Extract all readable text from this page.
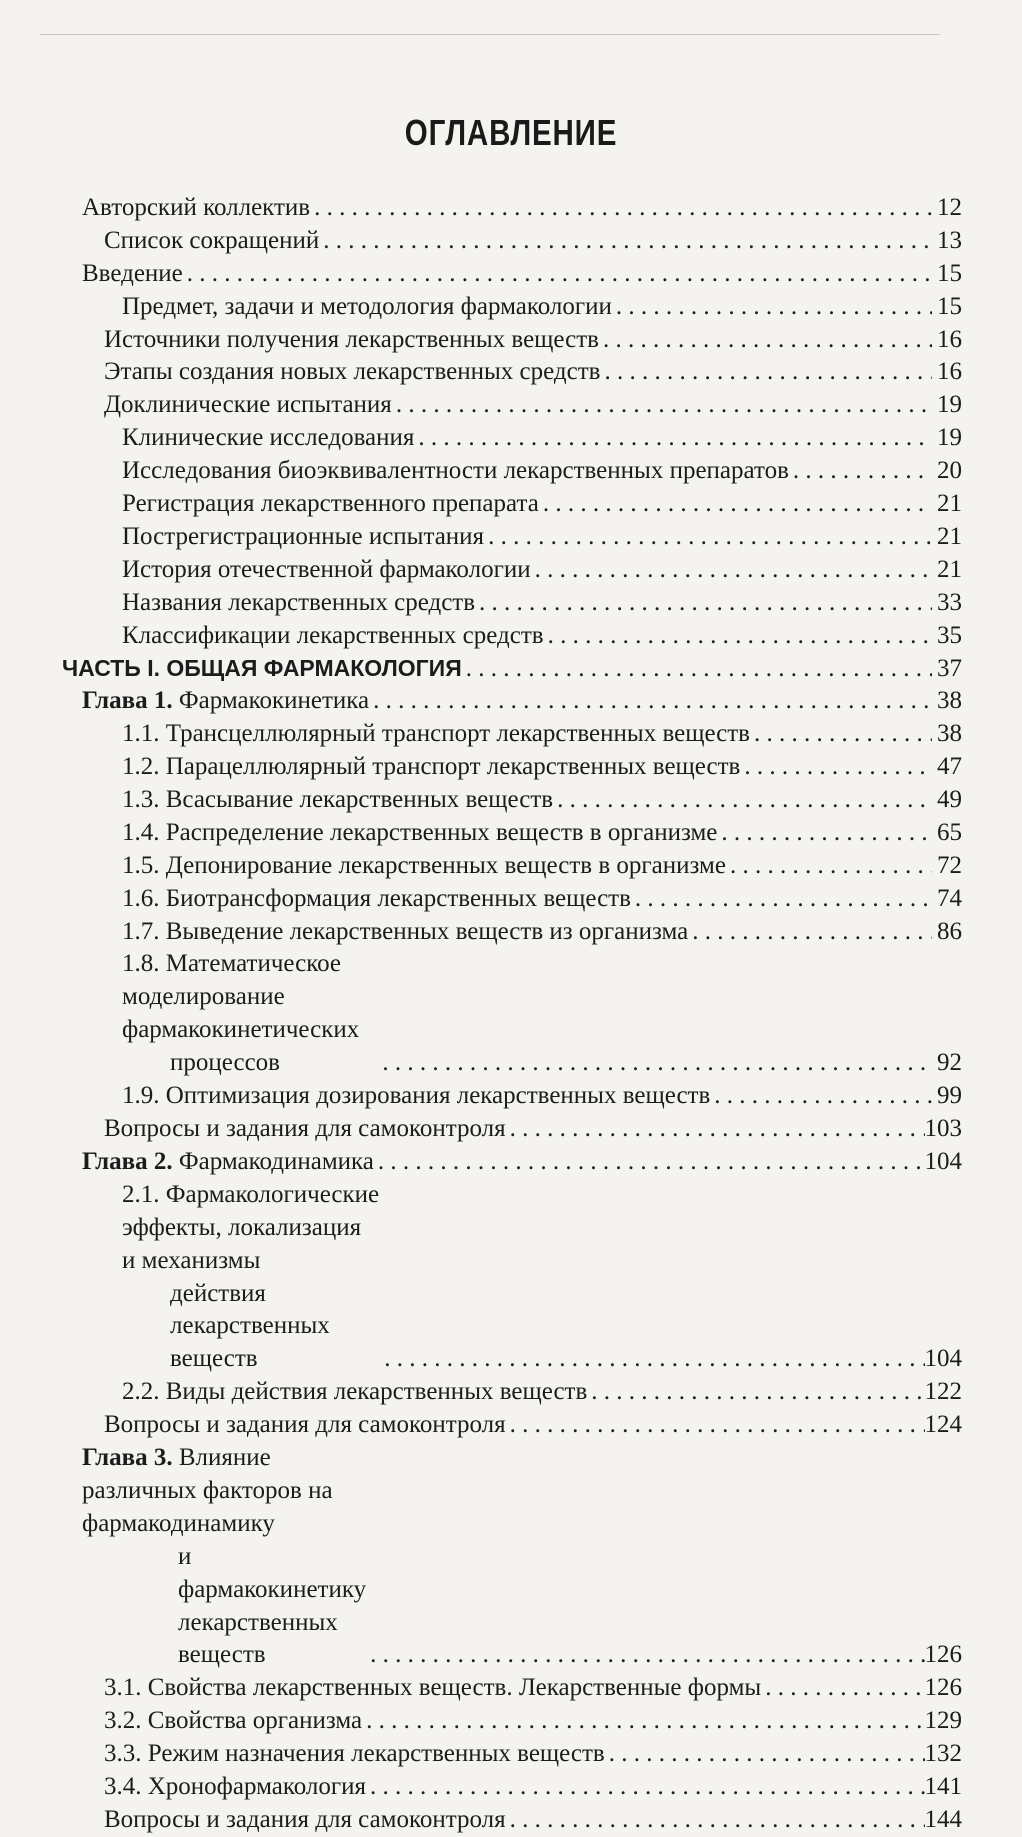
ОГЛАВЛЕНИЕ
Авторский коллектив . . .	12
Список сокращений . . .	13
Введение . . .	15
Предмет, задачи и методология фармакологии . . .	15
Источники получения лекарственных веществ . . .	16
Этапы создания новых лекарственных средств . . .	16
Доклинические испытания . . .	19
Клинические исследования . . .	19
Исследования биоэквивалентности лекарственных препаратов . . .	20
Регистрация лекарственного препарата . . .	21
Пострегистрационные испытания . . .	21
История отечественной фармакологии . . .	21
Названия лекарственных средств . . .	33
Классификации лекарственных средств . . .	35
ЧАСТЬ I. ОБЩАЯ ФАРМАКОЛОГИЯ . . .	37
Глава 1. Фармакокинетика . . .	38
1.1. Трансцеллюлярный транспорт лекарственных веществ . . .	38
1.2. Парацеллюлярный транспорт лекарственных веществ . . .	47
1.3. Всасывание лекарственных веществ . . .	49
1.4. Распределение лекарственных веществ в организме . . .	65
1.5. Депонирование лекарственных веществ в организме . . .	72
1.6. Биотрансформация лекарственных веществ . . .	74
1.7. Выведение лекарственных веществ из организма . . .	86
1.8. Математическое моделирование фармакокинетических
процессов . . .	92
1.9. Оптимизация дозирования лекарственных веществ . . .	99
Вопросы и задания для самоконтроля . . .	103
Глава 2. Фармакодинамика . . .	104
2.1. Фармакологические эффекты, локализация и механизмы
действия лекарственных веществ . . .	104
2.2. Виды действия лекарственных веществ . . .	122
Вопросы и задания для самоконтроля . . .	124
Глава 3. Влияние различных факторов на фармакодинамику
и фармакокинетику лекарственных веществ . . .	126
3.1. Свойства лекарственных веществ. Лекарственные формы . . .	126
3.2. Свойства организма . . .	129
3.3. Режим назначения лекарственных веществ . . .	132
3.4. Хронофармакология . . .	141
Вопросы и задания для самоконтроля . . .	144
